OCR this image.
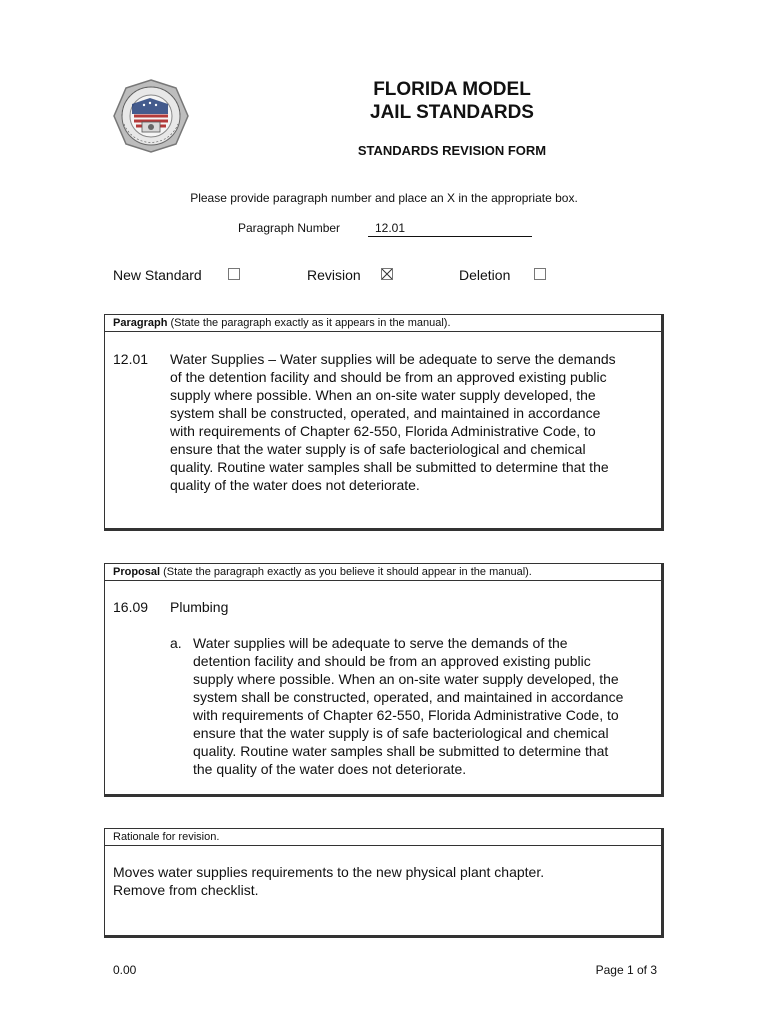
FLORIDA MODEL
JAIL STANDARDS
STANDARDS REVISION FORM
Please provide paragraph number and place an X in the appropriate box.
Paragraph Number	12.01
New Standard	Revision	Deletion
Paragraph (State the paragraph exactly as it appears in the manual).
12.01 Water Supplies – Water supplies will be adequate to serve the demands
of the detention facility and should be from an approved existing public
supply where possible. When an on-site water supply developed, the
system shall be constructed, operated, and maintained in accordance
with requirements of Chapter 62-550, Florida Administrative Code, to
ensure that the water supply is of safe bacteriological and chemical
quality. Routine water samples shall be submitted to determine that the
quality of the water does not deteriorate.
Proposal (State the paragraph exactly as you believe it should appear in the manual).
16.09 Plumbing
a. Water supplies will be adequate to serve the demands of the
detention facility and should be from an approved existing public
supply where possible. When an on-site water supply developed, the
system shall be constructed, operated, and maintained in accordance
with requirements of Chapter 62-550, Florida Administrative Code, to
ensure that the water supply is of safe bacteriological and chemical
quality. Routine water samples shall be submitted to determine that
the quality of the water does not deteriorate.
Rationale for revision.
Moves water supplies requirements to the new physical plant chapter.
Remove from checklist.
0.00	Page 1 of 3
